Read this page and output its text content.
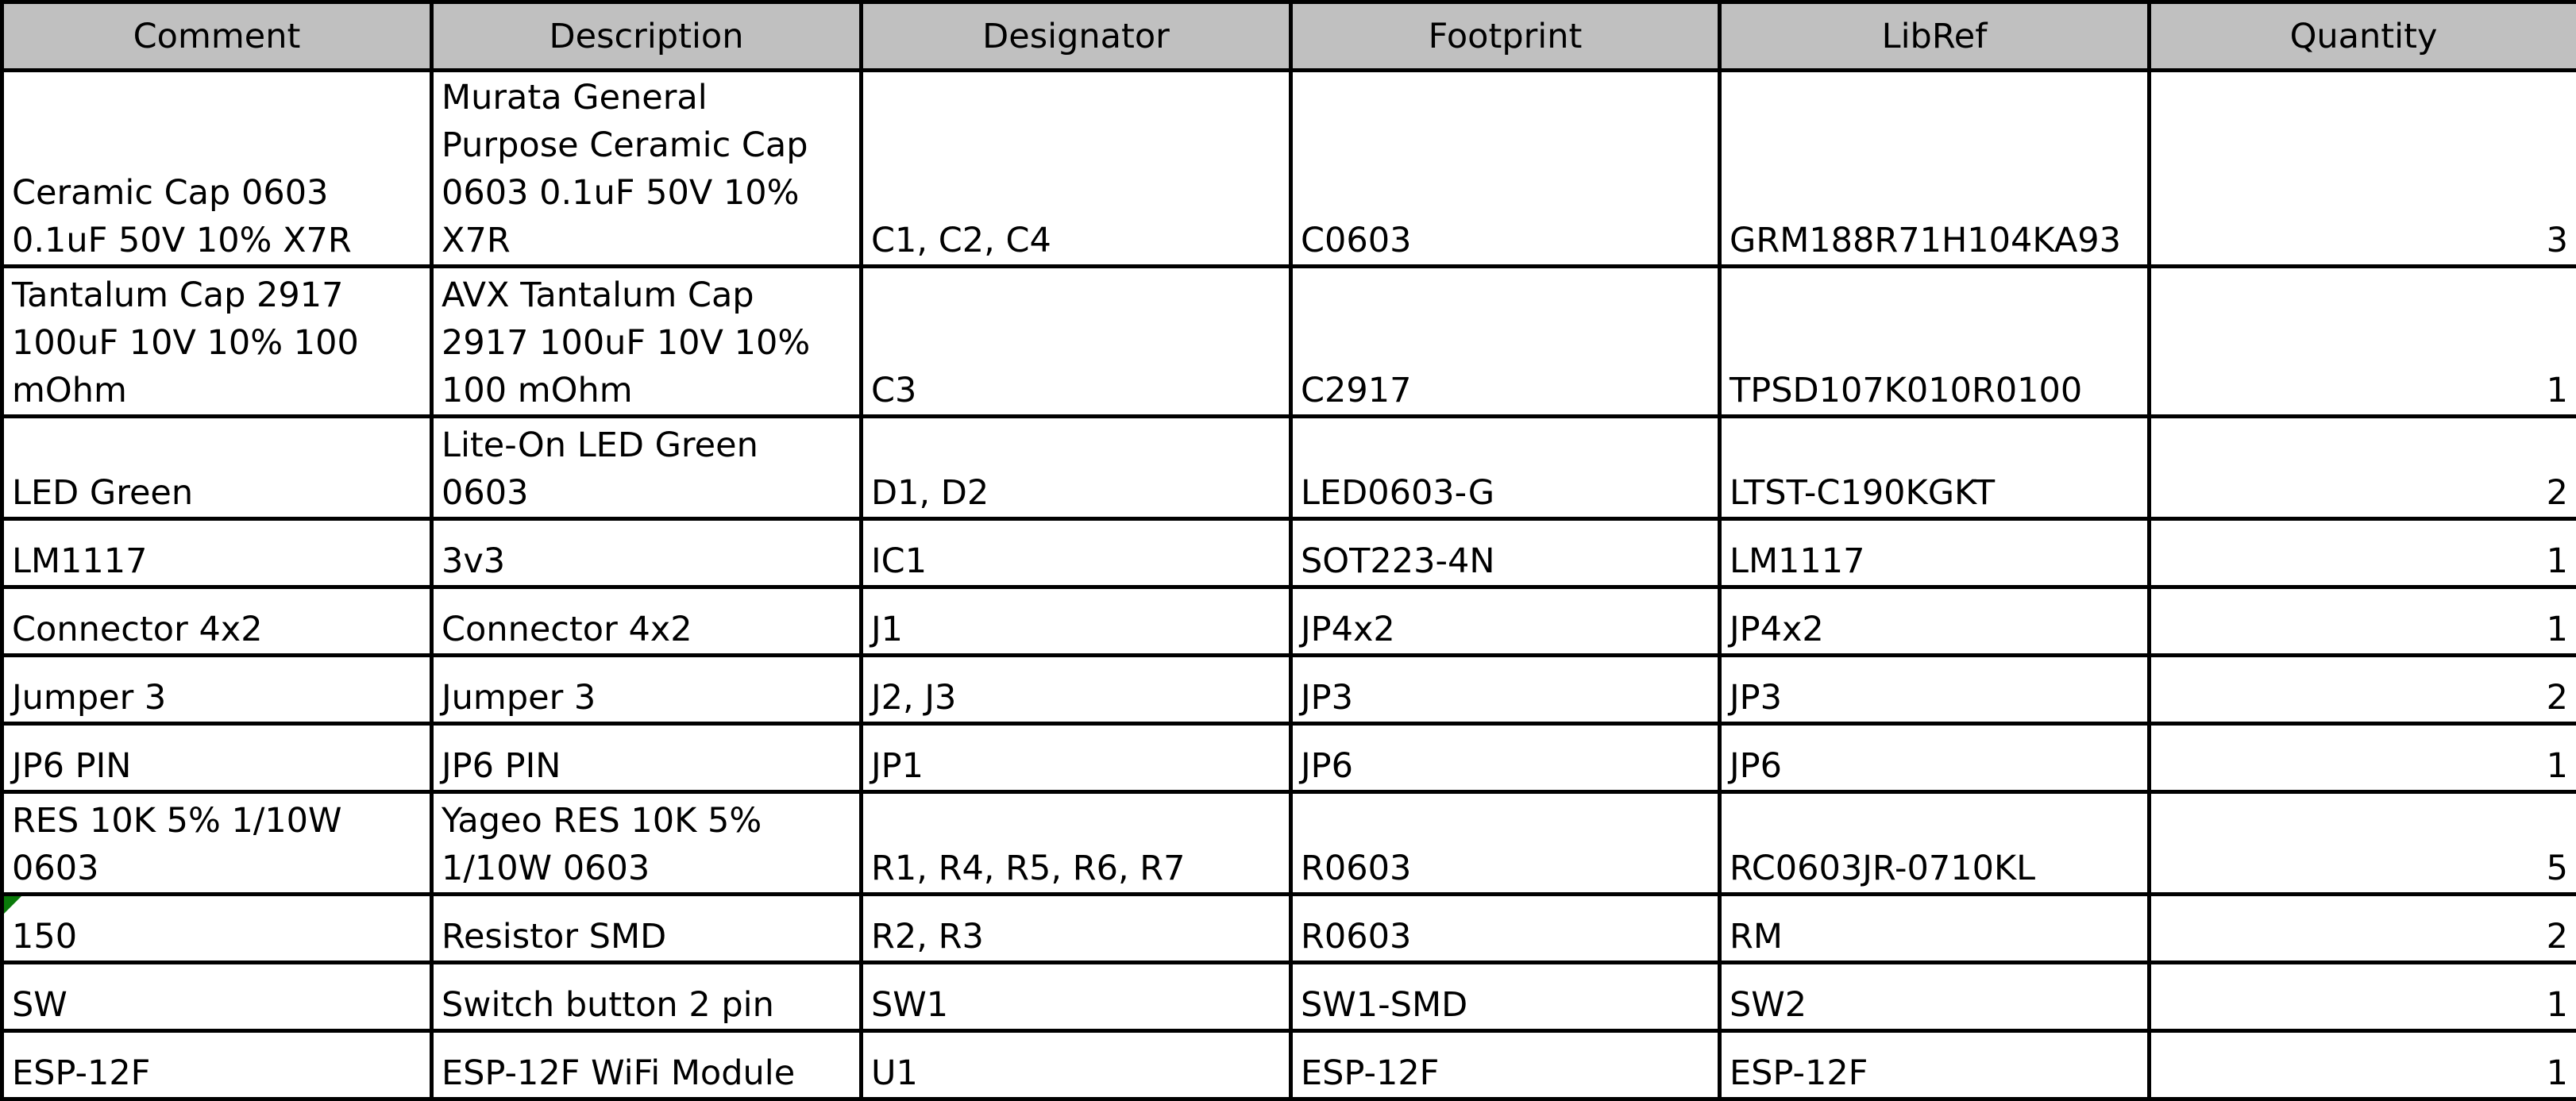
Comment	Description	Designator	Footprint	LibRef	Quantity
Ceramic Cap 0603 0.1uF 50V 10% X7R	Murata General Purpose Ceramic Cap 0603 0.1uF 50V 10% X7R	C1, C2, C4	C0603	GRM188R71H104KA93	3
Tantalum Cap 2917 100uF 10V 10% 100 mOhm	AVX Tantalum Cap 2917 100uF 10V 10% 100 mOhm	C3	C2917	TPSD107K010R0100	1
LED Green	Lite-On LED Green 0603	D1, D2	LED0603-G	LTST-C190KGKT	2
LM1117	3v3	IC1	SOT223-4N	LM1117	1
Connector 4x2	Connector 4x2	J1	JP4x2	JP4x2	1
Jumper 3	Jumper 3	J2, J3	JP3	JP3	2
JP6 PIN	JP6 PIN	JP1	JP6	JP6	1
RES 10K 5% 1/10W 0603	Yageo RES 10K 5% 1/10W 0603	R1, R4, R5, R6, R7	R0603	RC0603JR-0710KL	5

150	Resistor SMD	R2, R3	R0603	RM	2
SW	Switch button 2 pin	SW1	SW1-SMD	SW2	1
ESP-12F	ESP-12F WiFi Module	U1	ESP-12F	ESP-12F	1
